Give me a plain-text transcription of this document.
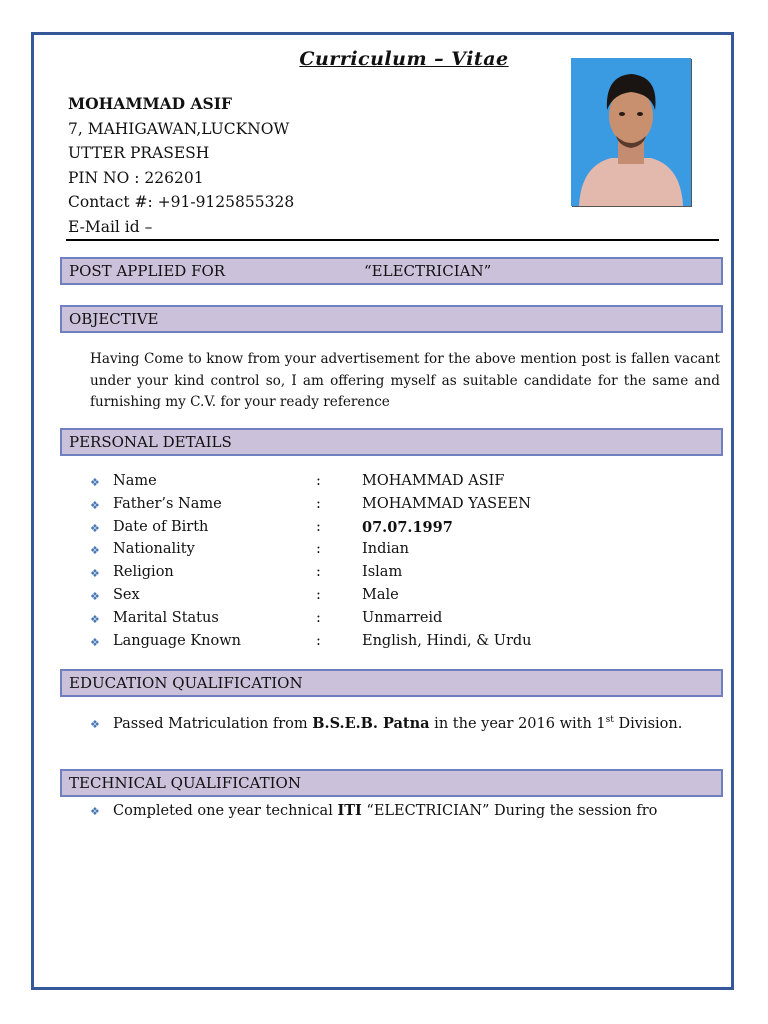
Curriculum – Vitae
MOHAMMAD ASIF
7, MAHIGAWAN,LUCKNOW
UTTER PRASESH
PIN NO : 226201
Contact #: +91-9125855328
E-Mail id –
POST APPLIED FOR	“ELECTRICIAN”
OBJECTIVE
Having Come to know from your advertisement for the above mention post is fallen vacant under your kind control so, I am offering myself as suitable candidate for the same and furnishing my C.V. for your ready reference
PERSONAL DETAILS
❖ Name	:	MOHAMMAD ASIF
❖ Father’s Name	:	MOHAMMAD YASEEN
❖ Date of Birth	:	07.07.1997
❖ Nationality	:	Indian
❖ Religion	:	Islam
❖ Sex	:	Male
❖ Marital Status	:	Unmarreid
❖ Language Known	:	English, Hindi, & Urdu
EDUCATION QUALIFICATION
❖ Passed Matriculation from B.S.E.B. Patna in the year 2016 with 1st Division.
TECHNICAL QUALIFICATION
❖ Completed one year technical ITI “ELECTRICIAN” During the session fro
